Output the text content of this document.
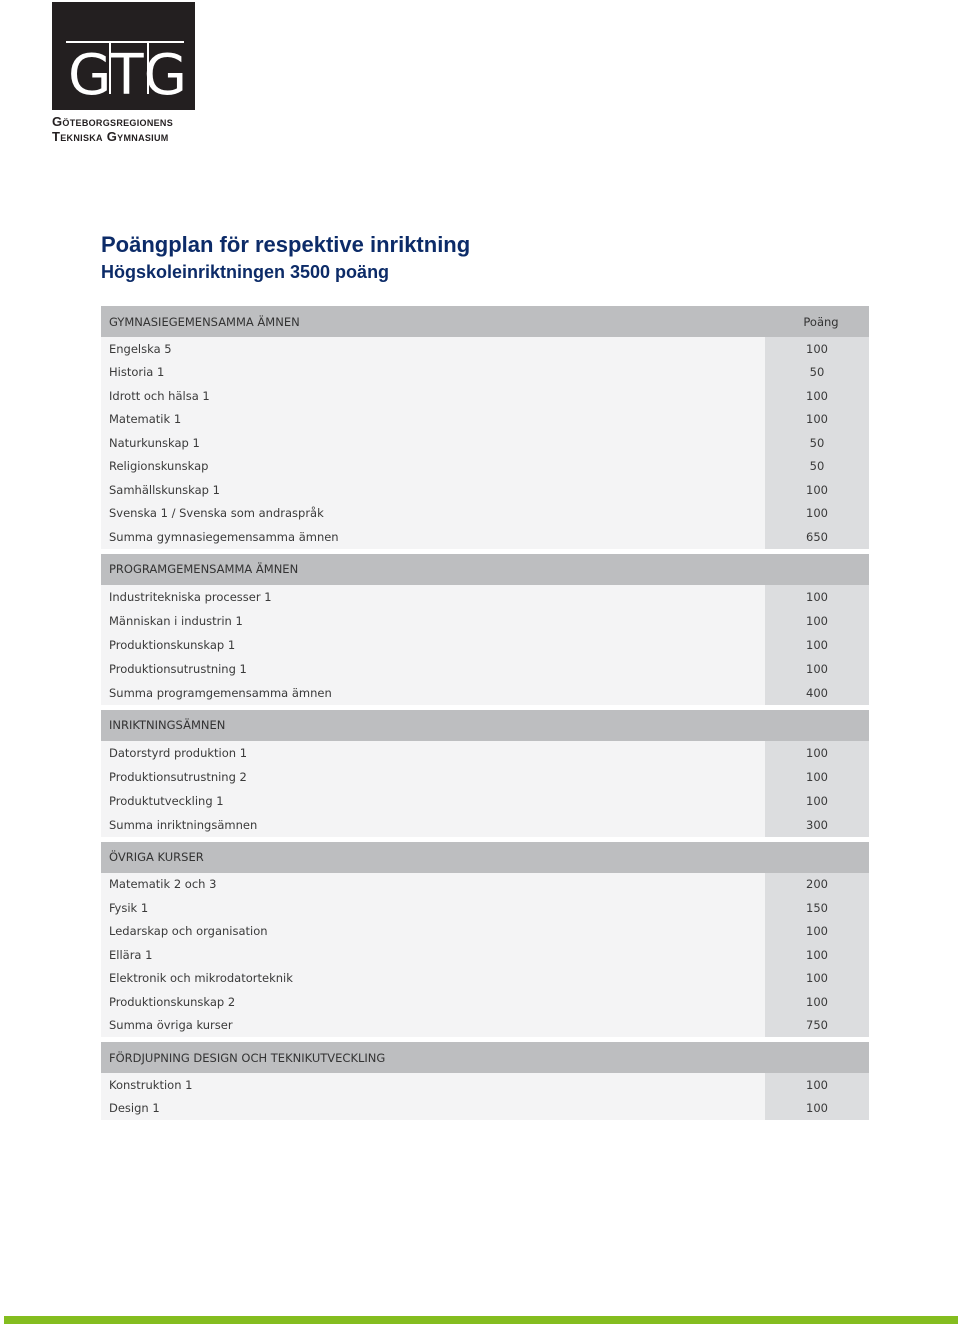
GTG
Göteborgsregionens
Tekniska Gymnasium
Poängplan för respektive inriktning
Högskoleinriktningen 3500 poäng
GYMNASIEGEMENSAMMA ÄMNEN	Poäng
Engelska 5	100
Historia 1	50
Idrott och hälsa 1	100
Matematik 1	100
Naturkunskap 1	50
Religionskunskap	50
Samhällskunskap 1	100
Svenska 1 / Svenska som andraspråk	100
Summa gymnasiegemensamma ämnen	650
PROGRAMGEMENSAMMA ÄMNEN
Industritekniska processer 1	100
Människan i industrin 1	100
Produktionskunskap 1	100
Produktionsutrustning 1	100
Summa programgemensamma ämnen	400
INRIKTNINGSÄMNEN
Datorstyrd produktion 1	100
Produktionsutrustning 2	100
Produktutveckling 1	100
Summa inriktningsämnen	300
ÖVRIGA KURSER
Matematik 2 och 3	200
Fysik 1	150
Ledarskap och organisation	100
Ellära 1	100
Elektronik och mikrodatorteknik	100
Produktionskunskap 2	100
Summa övriga kurser	750
FÖRDJUPNING DESIGN OCH TEKNIKUTVECKLING
Konstruktion 1	100
Design 1	100
